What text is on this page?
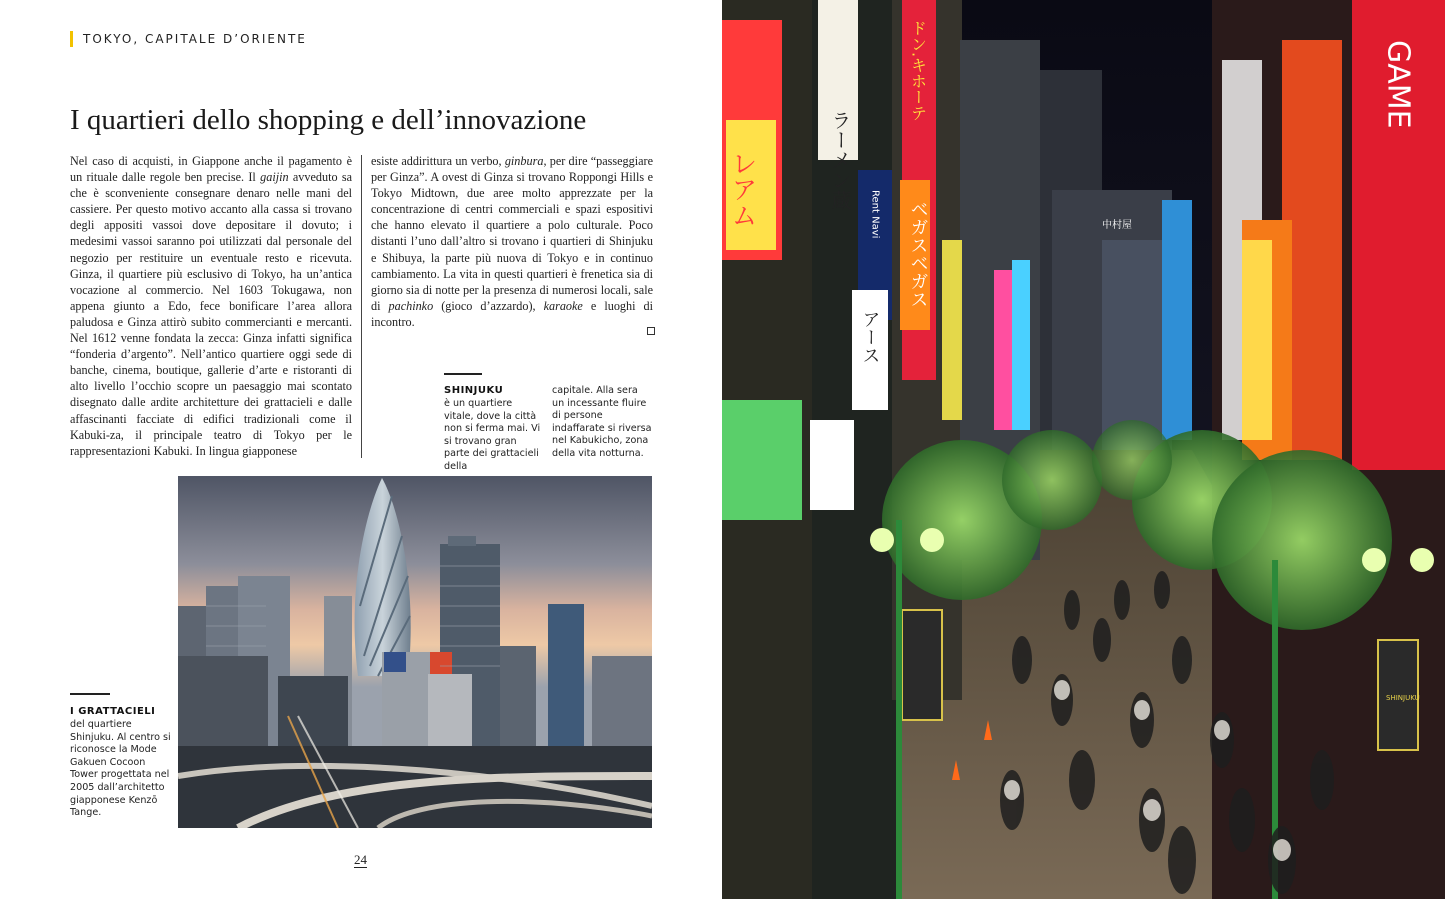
TOKYO, CAPITALE D’ORIENTE
I quartieri dello shopping e dell’innovazione

Nel caso di acquisti, in Giappone anche il pagamento è un rituale dalle regole ben precise. Il gaijin avveduto sa che è sconveniente consegnare denaro nelle mani del cassiere. Per questo motivo accanto alla cassa si trovano degli appositi vassoi dove depositare il dovuto; i medesimi vassoi saranno poi utilizzati dal personale del negozio per restituire un eventuale resto e ricevuta. Ginza, il quartiere più esclusivo di Tokyo, ha un’antica vocazione al commercio. Nel 1603 Tokugawa, non appena giunto a Edo, fece bonificare l’area allora paludosa e Ginza attirò subito commercianti e mercanti. Nel 1612 venne fondata la zecca: Ginza infatti significa “fonderia d’argento”. Nell’antico quartiere oggi sede di banche, cinema, boutique, gallerie d’arte e ristoranti di alto livello l’occhio scopre un paesaggio mai scontato disegnato dalle ardite architetture dei grattacieli e dalle affascinanti facciate di edifici tradizionali come il Kabuki-za, il principale teatro di Tokyo per le rappresentazioni Kabuki. In lingua giapponese

esiste addirittura un verbo, ginbura, per dire “passeggiare per Ginza”. A ovest di Ginza si trovano Roppongi Hills e Tokyo Midtown, due aree molto apprezzate per la concentrazione di centri commerciali e spazi espositivi che hanno elevato il quartiere a polo culturale. Poco distanti l’uno dall’altro si trovano i quartieri di Shinjuku e Shibuya, la parte più nuova di Tokyo e in continuo cambiamento. La vita in questi quartieri è frenetica sia di giorno sia di notte per la presenza di numerosi locali, sale di pachinko (gioco d’azzardo), karaoke e luoghi di incontro.

SHINJUKU

è un quartiere vitale, dove la città non si ferma mai. Vi si trovano gran parte dei grattacieli della

capitale. Alla sera un incessante fluire di persone indaffarate si riversa nel Kabukicho, zona della vita notturna.

I GRATTACIELI

del quartiere Shinjuku. Al centro si riconosce la Mode Gakuen Cocoon Tower progettata nel 2005 dall’architetto giapponese Kenzō Tange.

24
ラーメン蔵
レアム	Rent Navi ベガスベガス
アース
中村屋
GAME
ドン.キホーテ
SHINJUKU
